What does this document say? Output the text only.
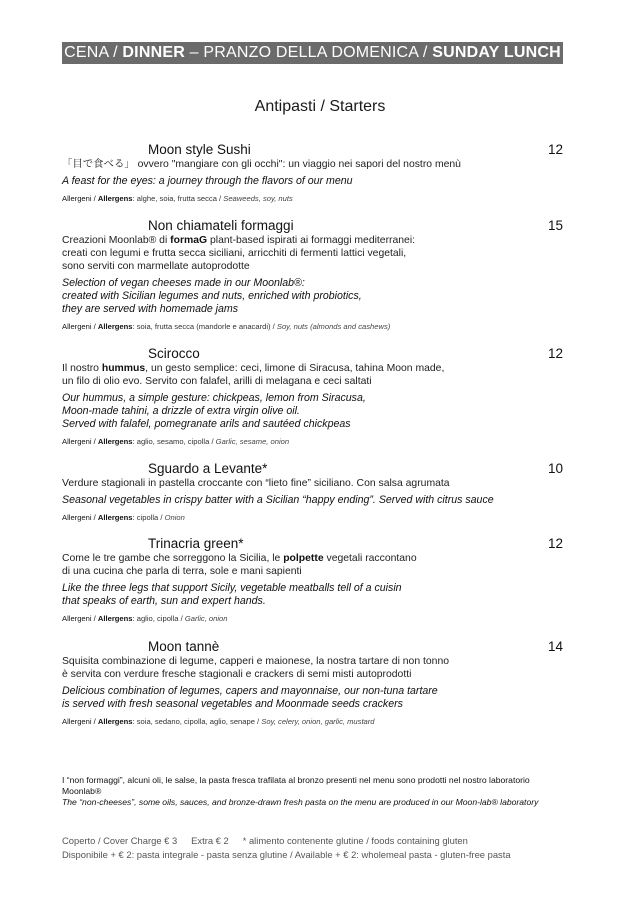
CENA / DINNER – PRANZO DELLA DOMENICA / SUNDAY LUNCH
Antipasti / Starters
Moon style Sushi	12
「目で食べる」 ovvero "mangiare con gli occhi": un viaggio nei sapori del nostro menù
A feast for the eyes: a journey through the flavors of our menu
Allergeni / Allergens: alghe, soia, frutta secca / Seaweeds, soy, nuts
Non chiamateli formaggi	15
Creazioni Moonlab® di formaG plant-based ispirati ai formaggi mediterranei:
creati con legumi e frutta secca siciliani, arricchiti di fermenti lattici vegetali,
sono serviti con marmellate autoprodotte
Selection of vegan cheeses made in our Moonlab®:
created with Sicilian legumes and nuts, enriched with probiotics,
they are served with homemade jams
Allergeni / Allergens: soia, frutta secca (mandorle e anacardi) / Soy, nuts (almonds and cashews)
Scirocco	12
Il nostro hummus, un gesto semplice: ceci, limone di Siracusa, tahina Moon made,
un filo di olio evo. Servito con falafel, arilli di melagana e ceci saltati
Our hummus, a simple gesture: chickpeas, lemon from Siracusa,
Moon-made tahini, a drizzle of extra virgin olive oil.
Served with falafel, pomegranate arils and sautéed chickpeas
Allergeni / Allergens: aglio, sesamo, cipolla / Garlic, sesame, onion
Sguardo a Levante*	10
Verdure stagionali in pastella croccante con “lieto fine” siciliano. Con salsa agrumata
Seasonal vegetables in crispy batter with a Sicilian “happy ending”. Served with citrus sauce
Allergeni / Allergens: cipolla / Onion
Trinacria green*	12
Come le tre gambe che sorreggono la Sicilia, le polpette vegetali raccontano
di una cucina che parla di terra, sole e mani sapienti
Like the three legs that support Sicily, vegetable meatballs tell of a cuisin
that speaks of earth, sun and expert hands.
Allergeni / Allergens: aglio, cipolla / Garlic, onion
Moon tannè	14
Squisita combinazione di legume, capperi e maionese, la nostra tartare di non tonno
è servita con verdure fresche stagionali e crackers di semi misti autoprodotti
Delicious combination of legumes, capers and mayonnaise, our non-tuna tartare
is served with fresh seasonal vegetables and Moonmade seeds crackers
Allergeni / Allergens: soia, sedano, cipolla, aglio, senape / Soy, celery, onion, garlic, mustard
I “non formaggi”, alcuni oli, le salse, la pasta fresca trafilata al bronzo presenti nel menu sono prodotti nel nostro laboratorio Moonlab®
The “non-cheeses”, some oils, sauces, and bronze-drawn fresh pasta on the menu are produced in our Moon-lab® laboratory
Coperto / Cover Charge € 3 Extra € 2 * alimento contenente glutine / foods containing gluten
Disponibile + € 2: pasta integrale - pasta senza glutine / Available + € 2: wholemeal pasta - gluten-free pasta
